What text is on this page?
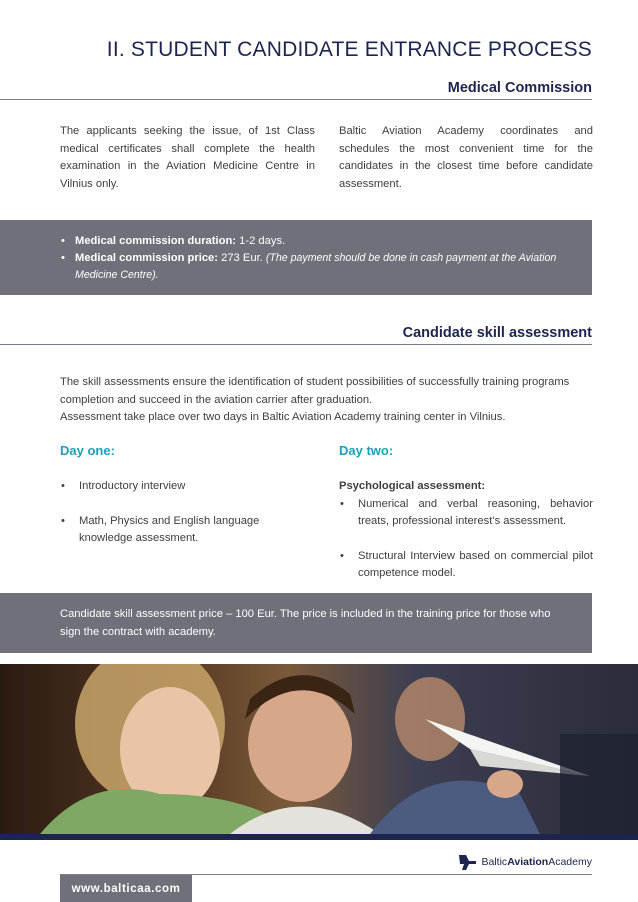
II. STUDENT CANDIDATE ENTRANCE PROCESS
Medical Commission
The applicants seeking the issue, of 1st Class medical certificates shall complete the health examination in the Aviation Medicine Centre in Vilnius only.
Baltic Aviation Academy coordinates and schedules the most convenient time for the candidates in the closest time before candidate assessment.
• Medical commission duration: 1-2 days.
• Medical commission price: 273 Eur. (The payment should be done in cash payment at the Aviation Medicine Centre).
Candidate skill assessment
The skill assessments ensure the identification of student possibilities of successfully training programs completion and succeed in the aviation carrier after graduation.
Assessment take place over two days in Baltic Aviation Academy training center in Vilnius.
Day one:	Day two:
• Introductory interview
• Math, Physics and English language knowledge assessment.
Psychological assessment:
• Numerical and verbal reasoning, behavior treats, professional interest’s assessment.
• Structural Interview based on commercial pilot competence model.
Candidate skill assessment price – 100 Eur. The price is included in the training price for those who sign the contract with academy.
BalticAviationAcademy
www.balticaa.com
